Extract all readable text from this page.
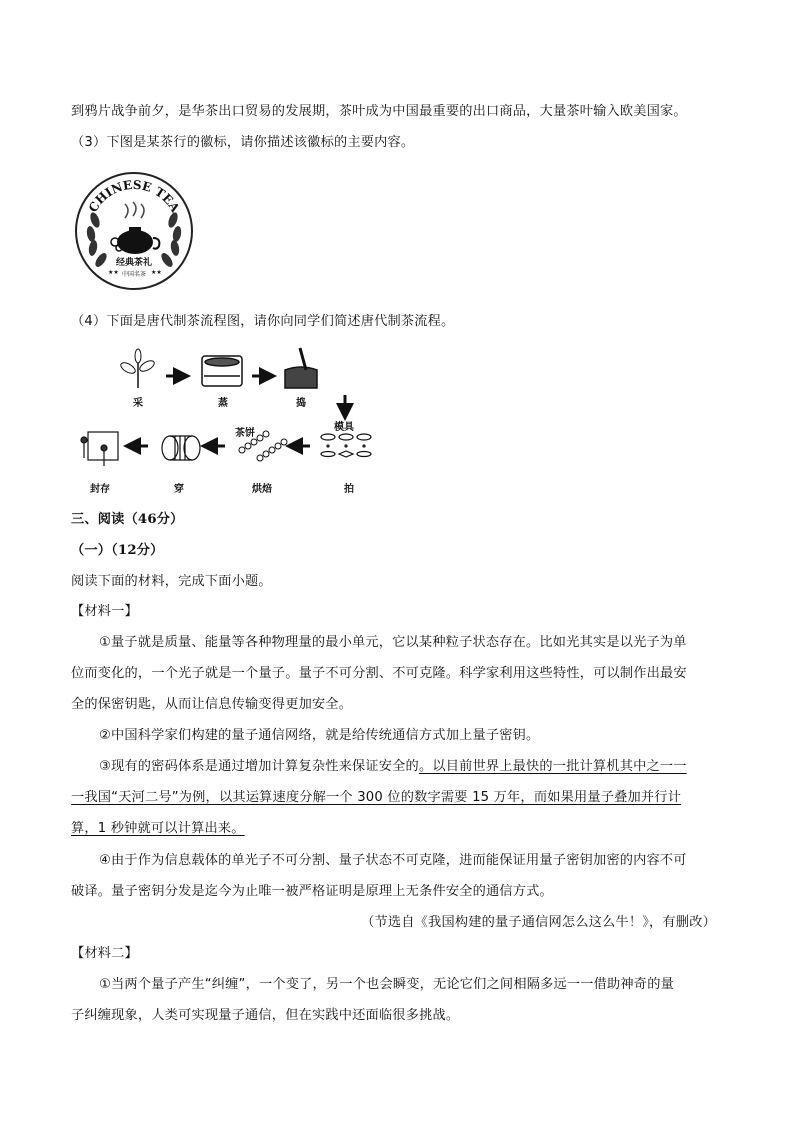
到鸦片战争前夕，是华茶出口贸易的发展期，茶叶成为中国最重要的出口商品，大量茶叶输入欧美国家。
（3）下图是某茶行的徽标，请你描述该徽标的主要内容。
CHINESE TEA
经典茶礼
中国名茶
★★	★★
（4）下面是唐代制茶流程图，请你向同学们简述唐代制茶流程。
采	蒸	捣
模具
拍
茶饼
烘焙
穿
封存
三、阅读（46分）
（一）（12分）
阅读下面的材料，完成下面小题。
【材料一】
①量子就是质量、能量等各种物理量的最小单元，它以某种粒子状态存在。比如光其实是以光子为单
位而变化的，一个光子就是一个量子。量子不可分割、不可克隆。科学家利用这些特性，可以制作出最安
全的保密钥匙，从而让信息传输变得更加安全。
②中国科学家们构建的量子通信网络，就是给传统通信方式加上量子密钥。
③现有的密码体系是通过增加计算复杂性来保证安全的。以目前世界上最快的一批计算机其中之一一
一我国“天河二号”为例，以其运算速度分解一个 300 位的数字需要 15 万年，而如果用量子叠加并行计
算，1 秒钟就可以计算出来。
④由于作为信息载体的单光子不可分割、量子状态不可克隆，进而能保证用量子密钥加密的内容不可
破译。量子密钥分发是迄今为止唯一被严格证明是原理上无条件安全的通信方式。
（节选自《我国构建的量子通信网怎么这么牛！》，有删改）
【材料二】
①当两个量子产生“纠缠”，一个变了，另一个也会瞬变，无论它们之间相隔多远一一借助神奇的量
子纠缠现象，人类可实现量子通信，但在实践中还面临很多挑战。
